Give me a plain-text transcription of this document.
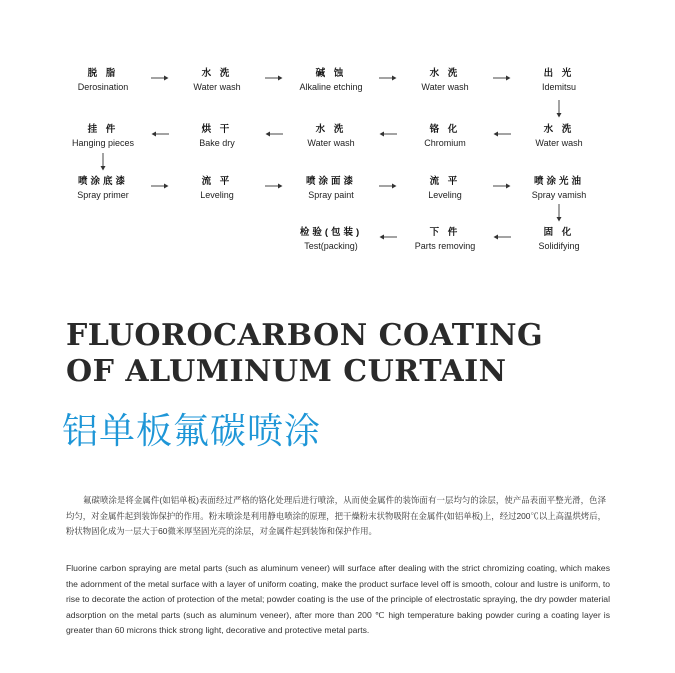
脱 脂
Derosination
水 洗
Water wash
碱 蚀
Alkaline etching
水 洗
Water wash
出 光
Idemitsu
水 洗
Water wash
铬 化
Chromium
水 洗
Water wash
烘 干
Bake dry
挂 件
Hanging pieces
喷涂底漆
Spray primer
流 平
Leveling
喷涂面漆
Spray paint
流 平
Leveling
喷涂光油
Spray vamish
固 化
Solidifying
下 件
Parts removing
检验(包装)
Test(packing)
FLUOROCARBON COATING
OF ALUMINUM CURTAIN
铝单板氟碳喷涂

氟碳喷涂是将金属件(如铝单板)表面经过严格的铬化处理后进行喷涂，从而使金属件的装饰面有一层均匀的涂层，使产品表面平整光滑，色泽均匀，对金属件起到装饰保护的作用。粉末喷涂是利用静电喷涂的原理，把干燥粉末状物吸附在金属件(如铝单板)上，经过200℃以上高温烘烤后，粉状物固化成为一层大于60微米厚坚固光亮的涂层，对金属件起到装饰和保护作用。

Fluorine carbon spraying are metal parts (such as aluminum veneer) will surface after dealing with the strict chromizing coating, which makes the adornment of the metal surface with a layer of uniform coating, make the product surface level off is smooth, colour and lustre is uniform, to rise to decorate the action of protection of the metal; powder coating is the use of the principle of electrostatic spraying, the dry powder material adsorption on the metal parts (such as aluminum veneer), after more than 200 ℃ high temperature baking powder curing a coating layer is greater than 60 microns thick strong light, decorative and protective metal parts.
